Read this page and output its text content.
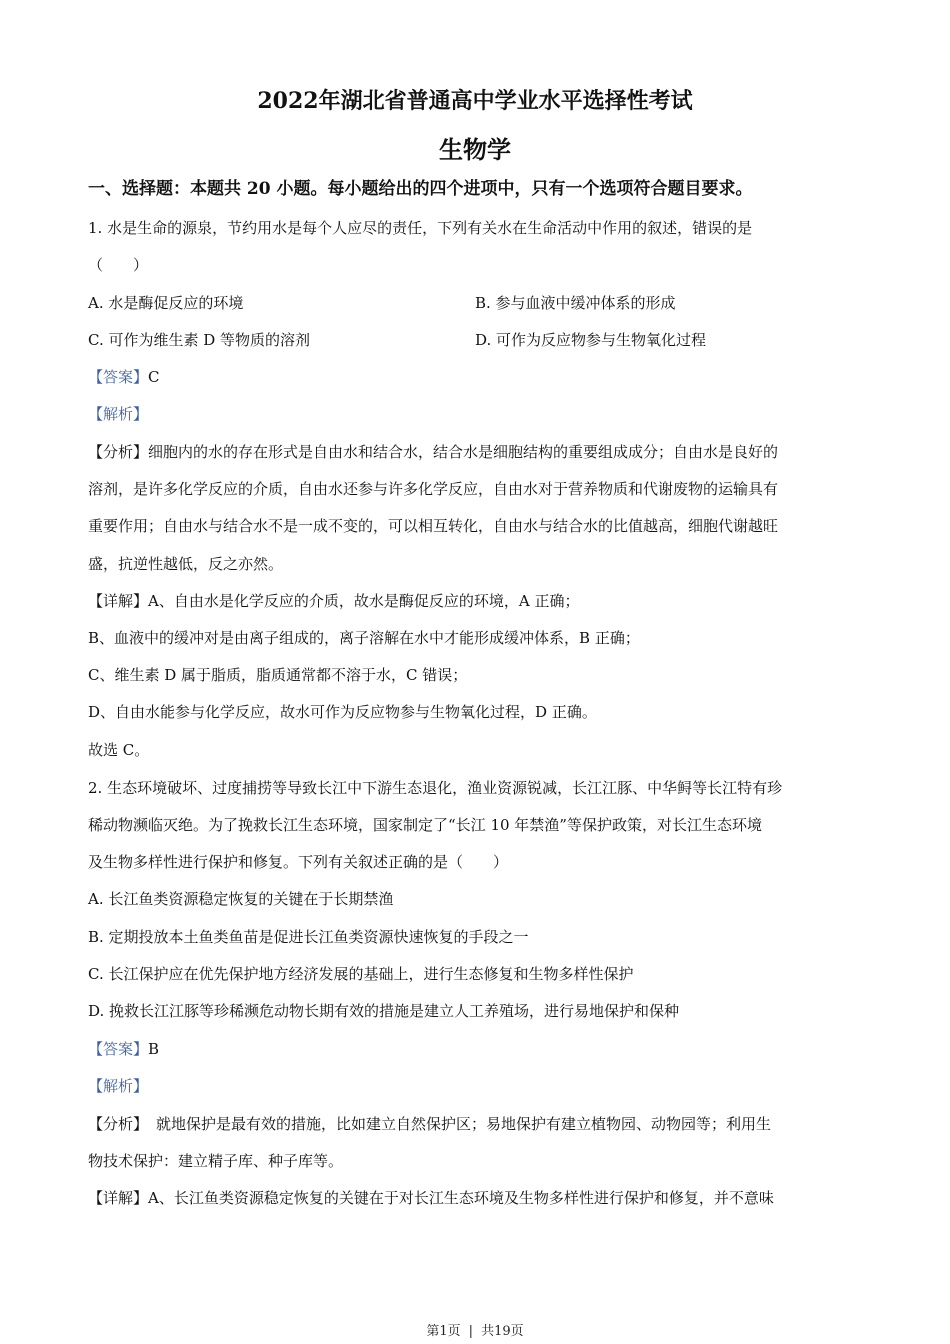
2022年湖北省普通高中学业水平选择性考试
生物学
一、选择题：本题共 20 小题。每小题给出的四个进项中，只有一个选项符合题目要求。
1. 水是生命的源泉，节约用水是每个人应尽的责任，下列有关水在生命活动中作用的叙述，错误的是
（　　）
A. 水是酶促反应的环境	B. 参与血液中缓冲体系的形成
C. 可作为维生素 D 等物质的溶剂	D. 可作为反应物参与生物氧化过程
【答案】C
【解析】
【分析】细胞内的水的存在形式是自由水和结合水，结合水是细胞结构的重要组成成分；自由水是良好的
溶剂，是许多化学反应的介质，自由水还参与许多化学反应，自由水对于营养物质和代谢废物的运输具有
重要作用；自由水与结合水不是一成不变的，可以相互转化，自由水与结合水的比值越高，细胞代谢越旺
盛，抗逆性越低，反之亦然。
【详解】A、自由水是化学反应的介质，故水是酶促反应的环境，A 正确；
B、血液中的缓冲对是由离子组成的，离子溶解在水中才能形成缓冲体系，B 正确；
C、维生素 D 属于脂质，脂质通常都不溶于水，C 错误；
D、自由水能参与化学反应，故水可作为反应物参与生物氧化过程，D 正确。
故选 C。
2. 生态环境破坏、过度捕捞等导致长江中下游生态退化，渔业资源锐减，长江江豚、中华鲟等长江特有珍
稀动物濒临灭绝。为了挽救长江生态环境，国家制定了“长江 10 年禁渔”等保护政策，对长江生态环境
及生物多样性进行保护和修复。下列有关叙述正确的是（　　）
A. 长江鱼类资源稳定恢复的关键在于长期禁渔
B. 定期投放本土鱼类鱼苗是促进长江鱼类资源快速恢复的手段之一
C. 长江保护应在优先保护地方经济发展的基础上，进行生态修复和生物多样性保护
D. 挽救长江江豚等珍稀濒危动物长期有效的措施是建立人工养殖场，进行易地保护和保种
【答案】B
【解析】
【分析】 就地保护是最有效的措施，比如建立自然保护区；易地保护有建立植物园、动物园等；利用生
物技术保护：建立精子库、种子库等。
【详解】A、长江鱼类资源稳定恢复的关键在于对长江生态环境及生物多样性进行保护和修复，并不意味
第1页 | 共19页
